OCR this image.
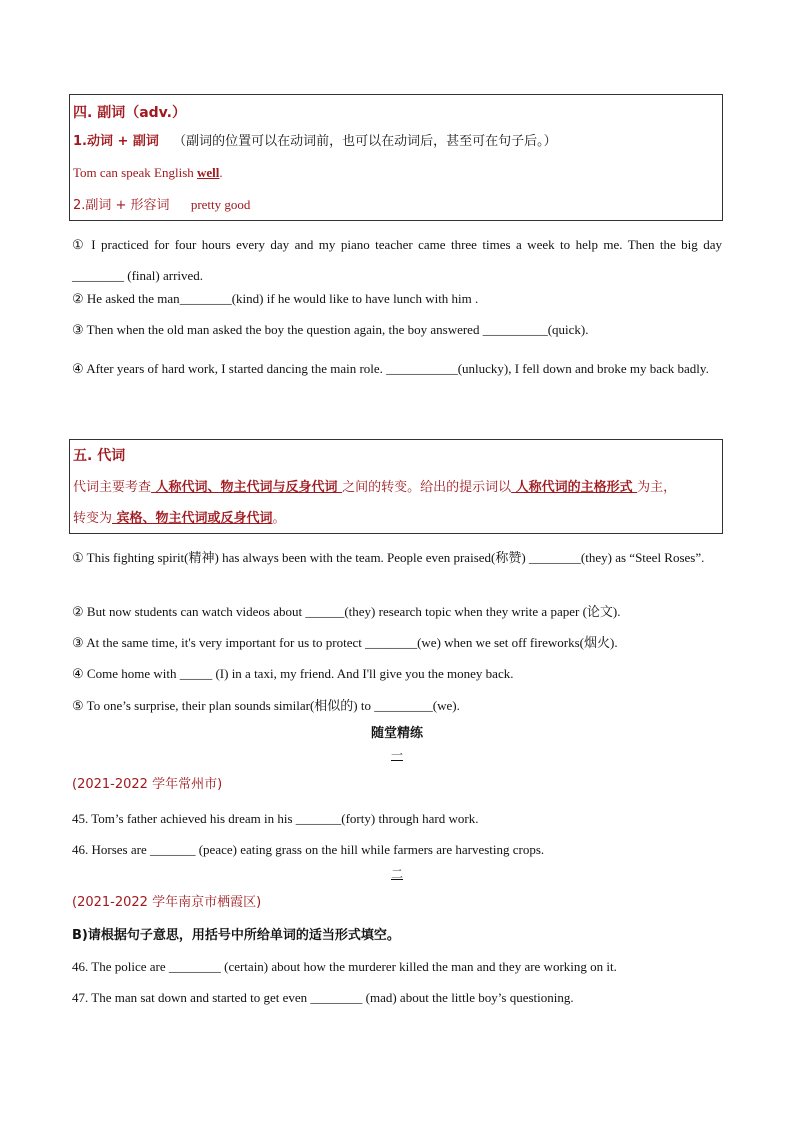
四. 副词（adv.）
1.动词 + 副词 （副词的位置可以在动词前，也可以在动词后，甚至可在句子后。）
Tom can speak English well.
2.副词 + 形容词 pretty good
① I practiced for four hours every day and my piano teacher came three times a week to help me. Then the big day ________ (final) arrived.
② He asked the man________(kind) if he would like to have lunch with him .
③ Then when the old man asked the boy the question again, the boy answered __________(quick).
④ After years of hard work, I started dancing the main role. ___________(unlucky), I fell down and broke my back badly.
五. 代词
代词主要考查 人称代词、物主代词与反身代词 之间的转变。给出的提示词以 人称代词的主格形式 为主，
转变为 宾格、物主代词或反身代词。
① This fighting spirit(精神) has always been with the team. People even praised(称赞) ________(they) as “Steel Roses”.
② But now students can watch videos about ______(they) research topic when they write a paper (论文).
③ At the same time, it's very important for us to protect ________(we) when we set off fireworks(烟火).
④ Come home with _____ (I) in a taxi, my friend. And I'll give you the money back.
⑤ To one’s surprise, their plan sounds similar(相似的) to _________(we).
随堂精练
一
(2021-2022 学年常州市)
45. Tom’s father achieved his dream in his _______(forty) through hard work.
46. Horses are _______ (peace) eating grass on the hill while farmers are harvesting crops.
二
(2021-2022 学年南京市栖霞区)
B)请根据句子意思，用括号中所给单词的适当形式填空。
46. The police are ________ (certain) about how the murderer killed the man and they are working on it.
47. The man sat down and started to get even ________ (mad) about the little boy’s questioning.
